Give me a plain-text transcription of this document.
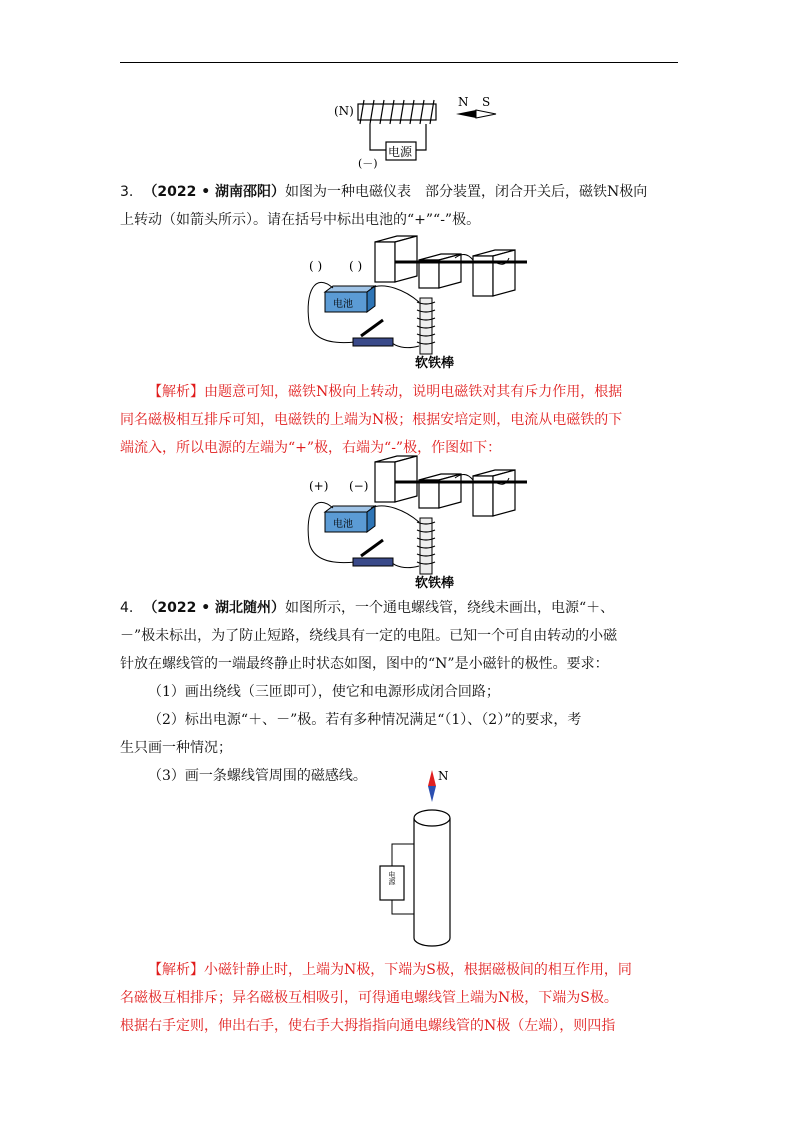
(N)
电源
(－)
N S
3. （2022 • 湖南邵阳）如图为一种电磁仪表　部分装置，闭合开关后，磁铁N极向
上转动（如箭头所示）。请在括号中标出电池的“+”“-”极。
( ) ( )
电池
软铁棒
【解析】由题意可知，磁铁N极向上转动，说明电磁铁对其有斥力作用，根据
同名磁极相互排斥可知，电磁铁的上端为N极；根据安培定则，电流从电磁铁的下
端流入，所以电源的左端为“+”极，右端为“-”极，作图如下：
(+) (−)
电池
软铁棒
4. （2022 • 湖北随州）如图所示，一个通电螺线管，绕线未画出，电源“＋、
－”极未标出，为了防止短路，绕线具有一定的电阻。已知一个可自由转动的小磁
针放在螺线管的一端最终静止时状态如图，图中的“N”是小磁针的极性。要求：
（1）画出绕线（三匝即可），使它和电源形成闭合回路；
（2）标出电源“＋、－”极。若有多种情况满足“（1）、（2）”的要求，考
生只画一种情况；
（3）画一条螺线管周围的磁感线。	N
电源
【解析】小磁针静止时，上端为N极，下端为S极，根据磁极间的相互作用，同
名磁极互相排斥；异名磁极互相吸引，可得通电螺线管上端为N极，下端为S极。
根据右手定则，伸出右手，使右手大拇指指向通电螺线管的N极（左端），则四指
